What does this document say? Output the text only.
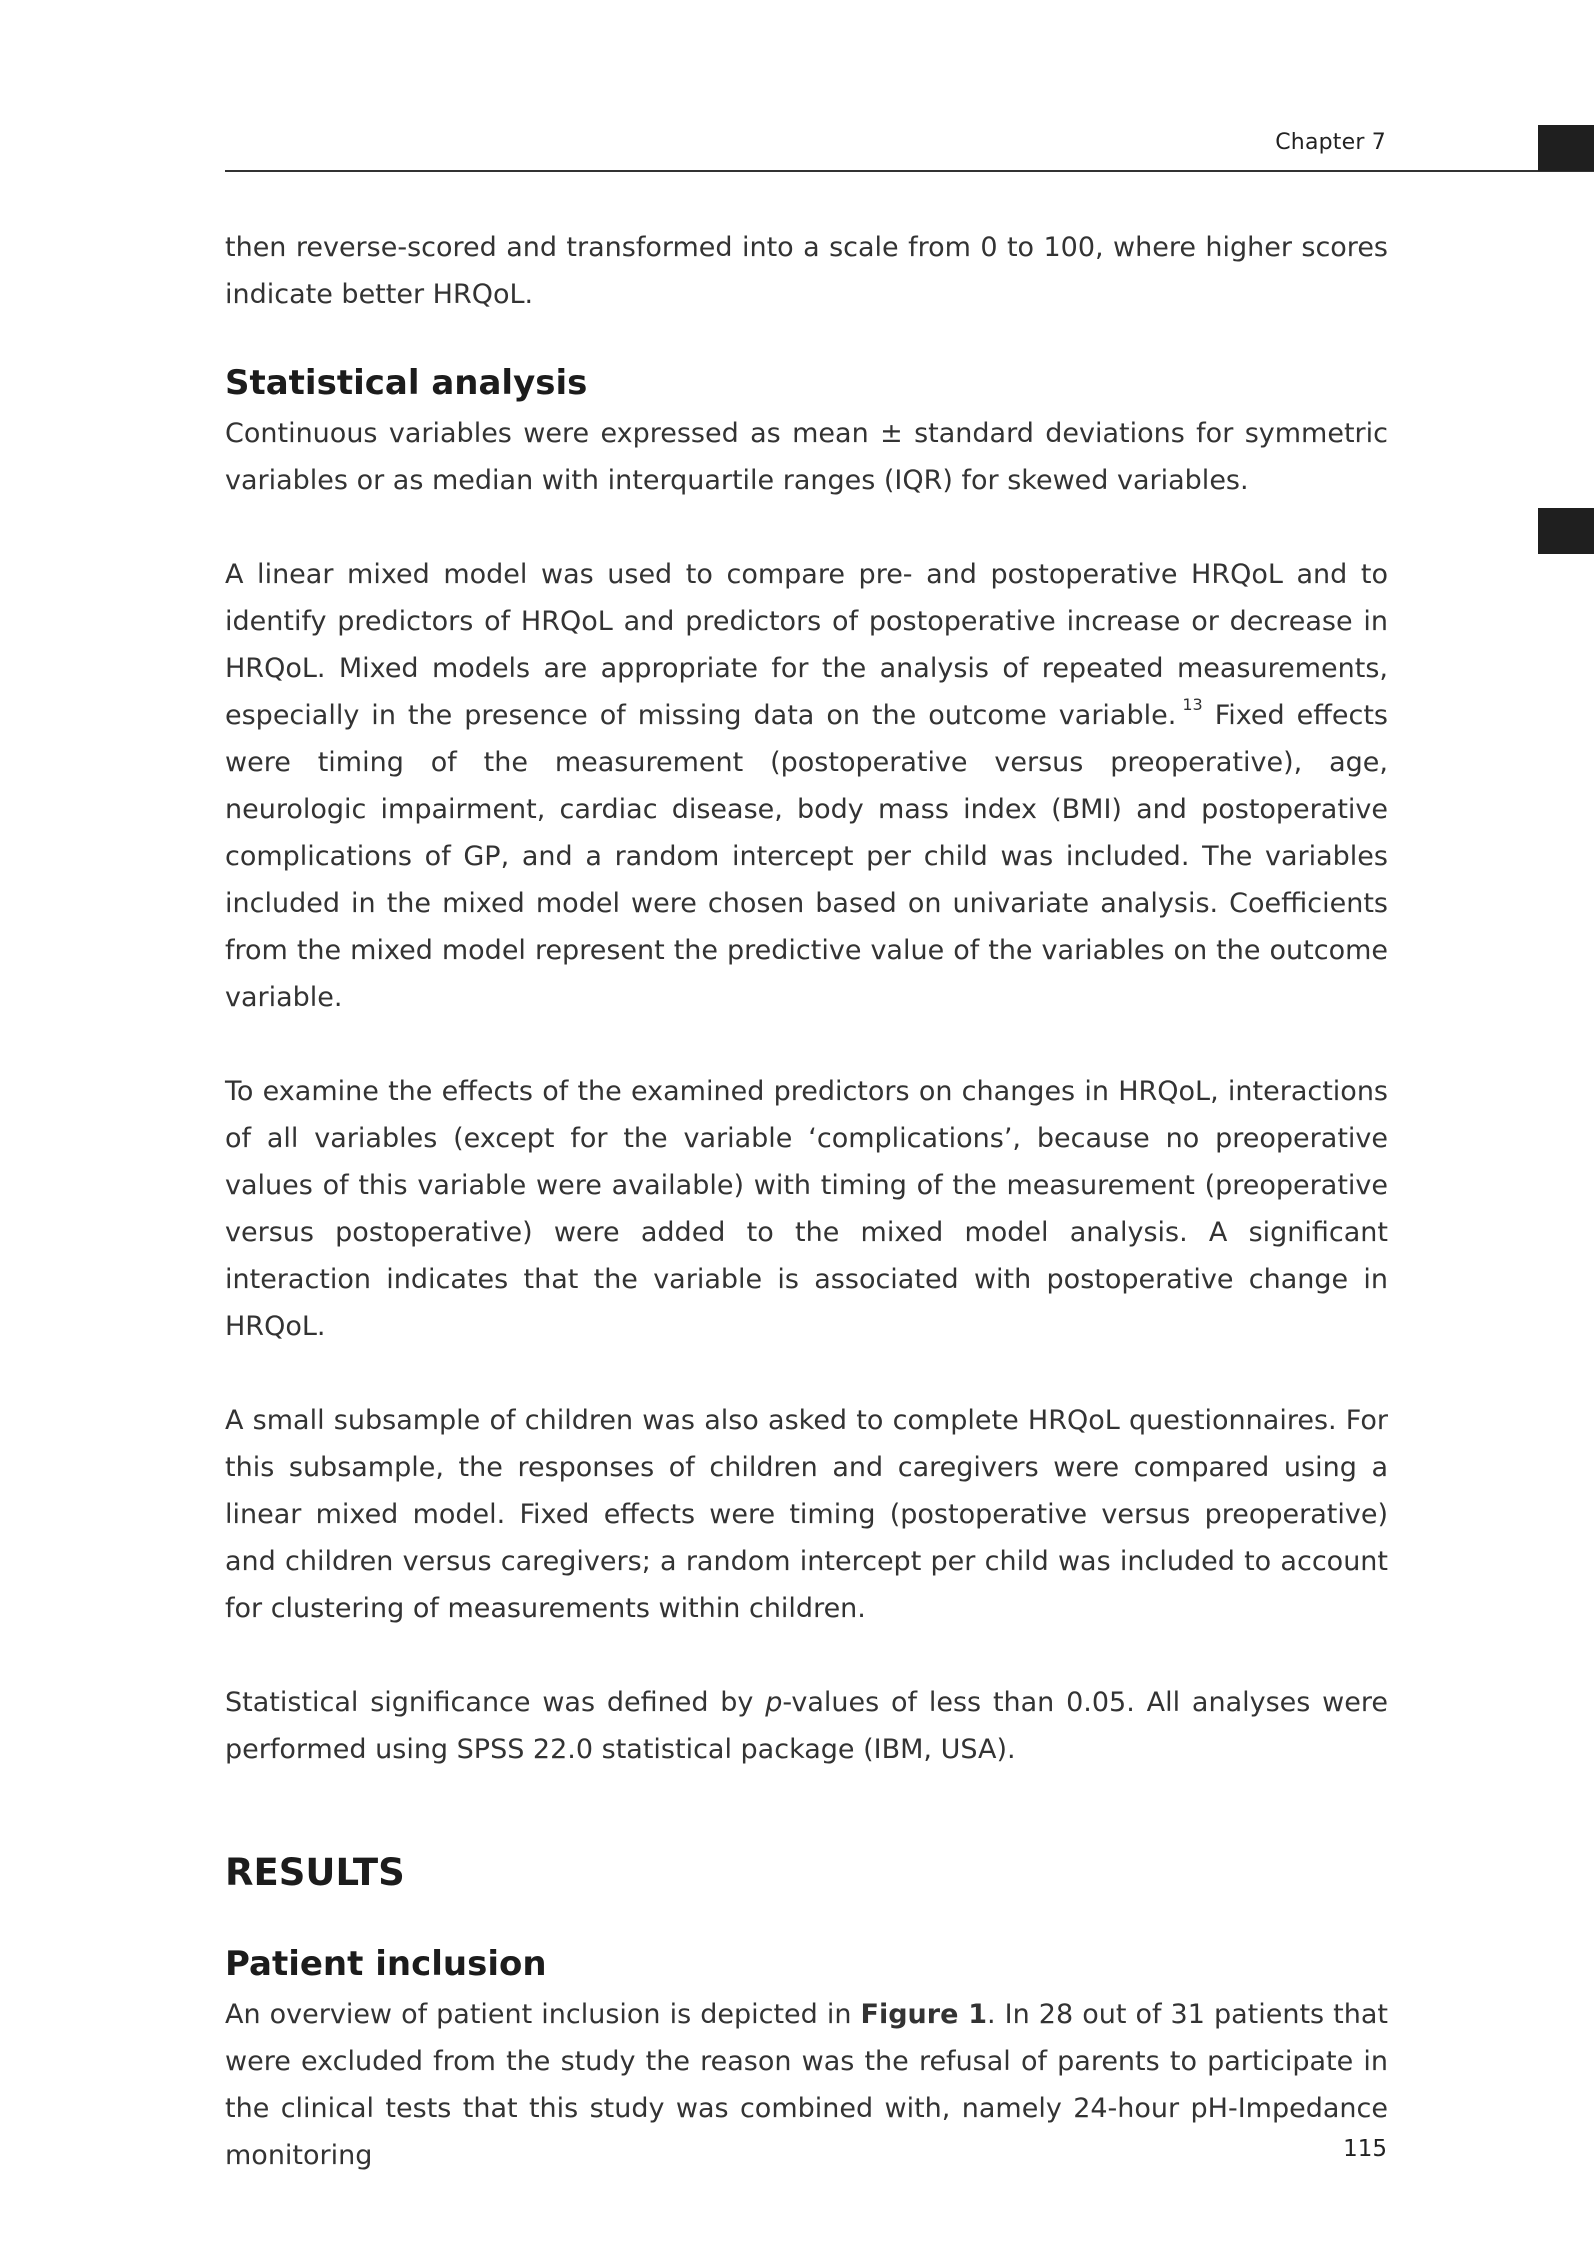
Chapter 7

then reverse-scored and transformed into a scale from 0 to 100, where higher scores indicate better HRQoL.

Statistical analysis

Continuous variables were expressed as mean ± standard deviations for symmetric variables or as median with interquartile ranges (IQR) for skewed variables.

A linear mixed model was used to compare pre- and postoperative HRQoL and to identify predictors of HRQoL and predictors of postoperative increase or decrease in HRQoL. Mixed models are appropriate for the analysis of repeated measurements, especially in the presence of missing data on the outcome variable. $^{13}$ Fixed effects were timing of the measurement (postoperative versus preoperative), age, neurologic impairment, cardiac disease, body mass index (BMI) and postoperative complications of GP, and a random intercept per child was included. The variables included in the mixed model were chosen based on univariate analysis. Coefficients from the mixed model represent the predictive value of the variables on the outcome variable.

To examine the effects of the examined predictors on changes in HRQoL, interactions of all variables (except for the variable ‘complications’, because no preoperative values of this variable were available) with timing of the measurement (preoperative versus postoperative) were added to the mixed model analysis. A significant interaction indicates that the variable is associated with postoperative change in HRQoL.

A small subsample of children was also asked to complete HRQoL questionnaires. For this subsample, the responses of children and caregivers were compared using a linear mixed model. Fixed effects were timing (postoperative versus preoperative) and children versus caregivers; a random intercept per child was included to account for clustering of measurements within children.

Statistical significance was defined by p-values of less than 0.05. All analyses were performed using SPSS 22.0 statistical package (IBM, USA).

RESULTS
Patient inclusion

An overview of patient inclusion is depicted in Figure 1. In 28 out of 31 patients that were excluded from the study the reason was the refusal of parents to participate in the clinical tests that this study was combined with, namely 24-hour pH-Impedance monitoring	115
